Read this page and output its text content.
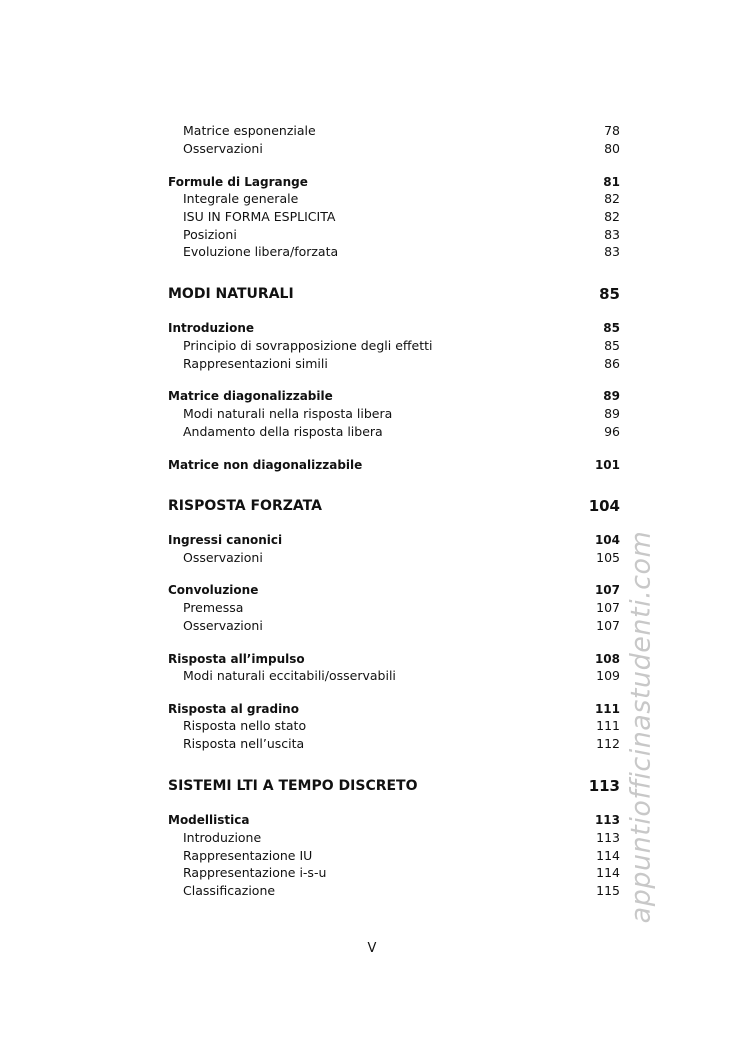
Matrice esponenziale	78
Osservazioni	80
Formule di Lagrange	81
Integrale generale	82
ISU IN FORMA ESPLICITA	82
Posizioni	83
Evoluzione libera/forzata	83
MODI NATURALI	85
Introduzione	85
Principio di sovrapposizione degli effetti	85
Rappresentazioni simili	86
Matrice diagonalizzabile	89
Modi naturali nella risposta libera	89
Andamento della risposta libera	96
Matrice non diagonalizzabile	101
RISPOSTA FORZATA	104
Ingressi canonici	104
Osservazioni	105
Convoluzione	107
Premessa	107
Osservazioni	107
Risposta all’impulso	108
Modi naturali eccitabili/osservabili	109
Risposta al gradino	111
Risposta nello stato	111
Risposta nell’uscita	112
SISTEMI LTI A TEMPO DISCRETO	113
Modellistica	113
Introduzione	113
Rappresentazione IU	114
Rappresentazione i-s-u	114
Classificazione	115
V
appuntiofficinastudenti.com
